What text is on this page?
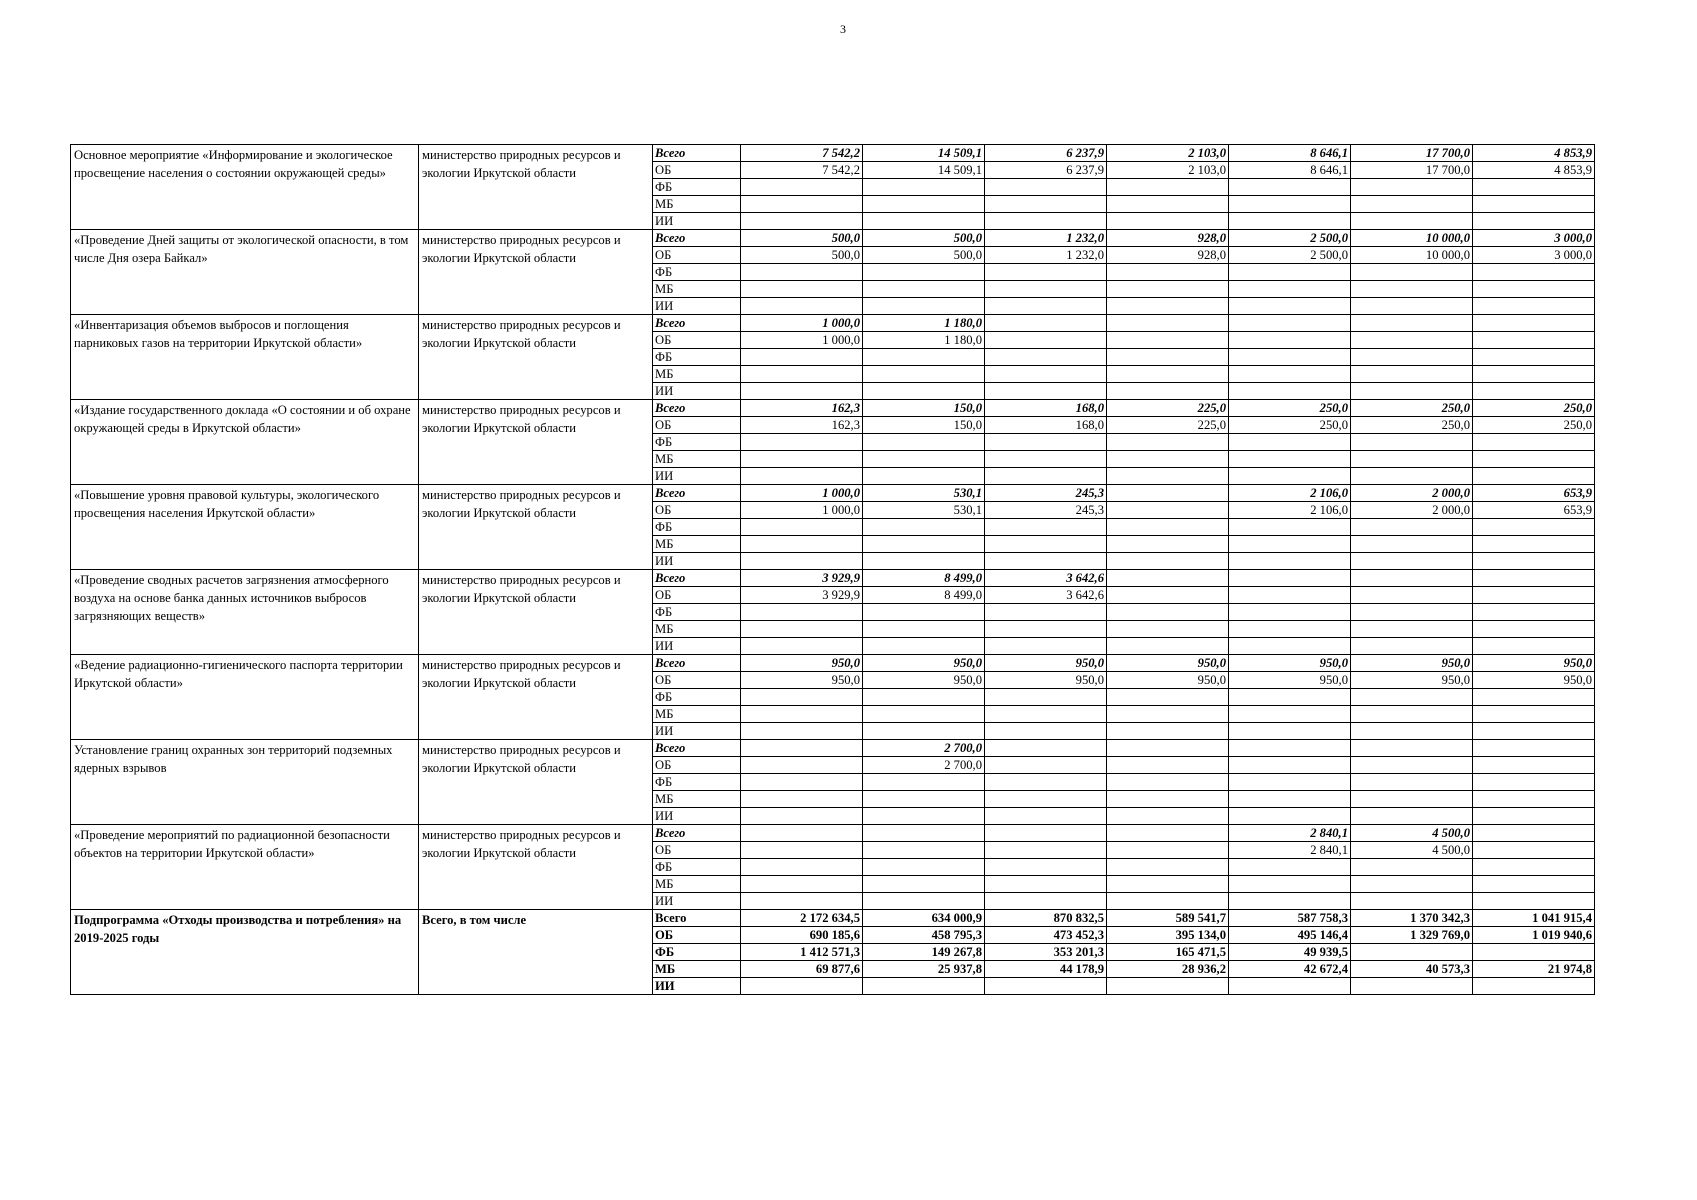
3
Основное мероприятие «Информирование и экологическое просвещение населения о состоянии окружающей среды»	министерство природных ресурсов и экологии Иркутской области	Всего	7 542,2	14 509,1	6 237,9	2 103,0	8 646,1	17 700,0	4 853,9
		ОБ	7 542,2	14 509,1	6 237,9	2 103,0	8 646,1	17 700,0	4 853,9
		ФБ							
		МБ							
		ИИ							
«Проведение Дней защиты от экологической опасности, в том числе Дня озера Байкал»	министерство природных ресурсов и экологии Иркутской области	Всего	500,0	500,0	1 232,0	928,0	2 500,0	10 000,0	3 000,0
		ОБ	500,0	500,0	1 232,0	928,0	2 500,0	10 000,0	3 000,0
		ФБ							
		МБ							
		ИИ							
«Инвентаризация объемов выбросов и поглощения парниковых газов на территории Иркутской области»	министерство природных ресурсов и экологии Иркутской области	Всего	1 000,0	1 180,0					
		ОБ	1 000,0	1 180,0					
		ФБ							
		МБ							
		ИИ							
«Издание государственного доклада «О состоянии и об охране окружающей среды в Иркутской области»	министерство природных ресурсов и экологии Иркутской области	Всего	162,3	150,0	168,0	225,0	250,0	250,0	250,0
		ОБ	162,3	150,0	168,0	225,0	250,0	250,0	250,0
		ФБ							
		МБ							
		ИИ							
«Повышение уровня правовой культуры, экологического просвещения населения Иркутской области»	министерство природных ресурсов и экологии Иркутской области	Всего	1 000,0	530,1	245,3		2 106,0	2 000,0	653,9
		ОБ	1 000,0	530,1	245,3		2 106,0	2 000,0	653,9
		ФБ							
		МБ							
		ИИ							
«Проведение сводных расчетов загрязнения атмосферного воздуха на основе банка данных источников выбросов загрязняющих веществ»	министерство природных ресурсов и экологии Иркутской области	Всего	3 929,9	8 499,0	3 642,6				
		ОБ	3 929,9	8 499,0	3 642,6				
		ФБ							
		МБ							
		ИИ							
«Ведение радиационно-гигиенического паспорта территории Иркутской области»	министерство природных ресурсов и экологии Иркутской области	Всего	950,0	950,0	950,0	950,0	950,0	950,0	950,0
		ОБ	950,0	950,0	950,0	950,0	950,0	950,0	950,0
		ФБ							
		МБ							
		ИИ							
Установление границ охранных зон территорий подземных ядерных взрывов	министерство природных ресурсов и экологии Иркутской области	Всего		2 700,0					
		ОБ		2 700,0					
		ФБ							
		МБ							
		ИИ							
«Проведение мероприятий по радиационной безопасности объектов на территории Иркутской области»	министерство природных ресурсов и экологии Иркутской области	Всего					2 840,1	4 500,0	
		ОБ					2 840,1	4 500,0	
		ФБ							
		МБ							
		ИИ							
Подпрограмма «Отходы производства и потребления» на 2019-2025 годы	Всего, в том числе	Всего	2 172 634,5	634 000,9	870 832,5	589 541,7	587 758,3	1 370 342,3	1 041 915,4
		ОБ	690 185,6	458 795,3	473 452,3	395 134,0	495 146,4	1 329 769,0	1 019 940,6
		ФБ	1 412 571,3	149 267,8	353 201,3	165 471,5	49 939,5		
		МБ	69 877,6	25 937,8	44 178,9	28 936,2	42 672,4	40 573,3	21 974,8
		ИИ							
